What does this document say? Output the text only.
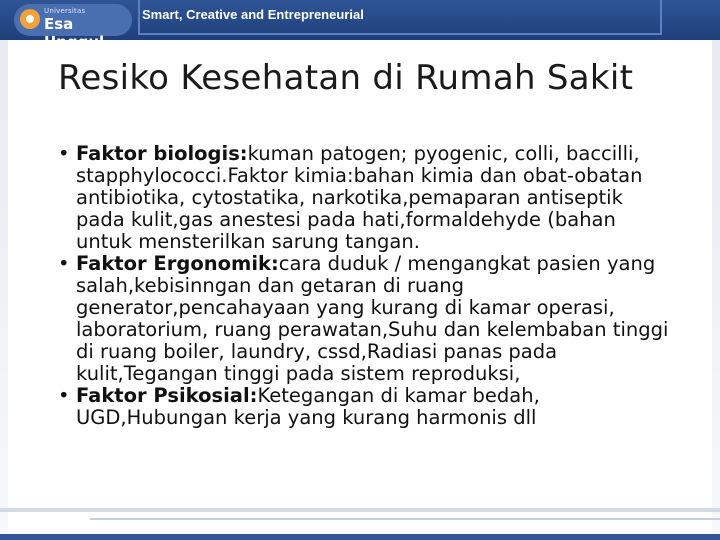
Universitas
Esa Unggul
Smart, Creative and Entrepreneurial
Resiko Kesehatan di Rumah Sakit
• Faktor biologis:kuman patogen; pyogenic, colli, baccilli, stapphylococci.Faktor kimia:bahan kimia dan obat-obatan antibiotika, cytostatika, narkotika,pemaparan antiseptik pada kulit,gas anestesi pada hati,formaldehyde (bahan untuk mensterilkan sarung tangan.
• Faktor Ergonomik:cara duduk / mengangkat pasien yang salah,kebisinngan dan getaran di ruang generator,pencahayaan yang kurang di kamar operasi, laboratorium, ruang perawatan,Suhu dan kelembaban tinggi di ruang boiler, laundry, cssd,Radiasi panas pada kulit,Tegangan tinggi pada sistem reproduksi,
• Faktor Psikosial:Ketegangan di kamar bedah, UGD,Hubungan kerja yang kurang harmonis dll
